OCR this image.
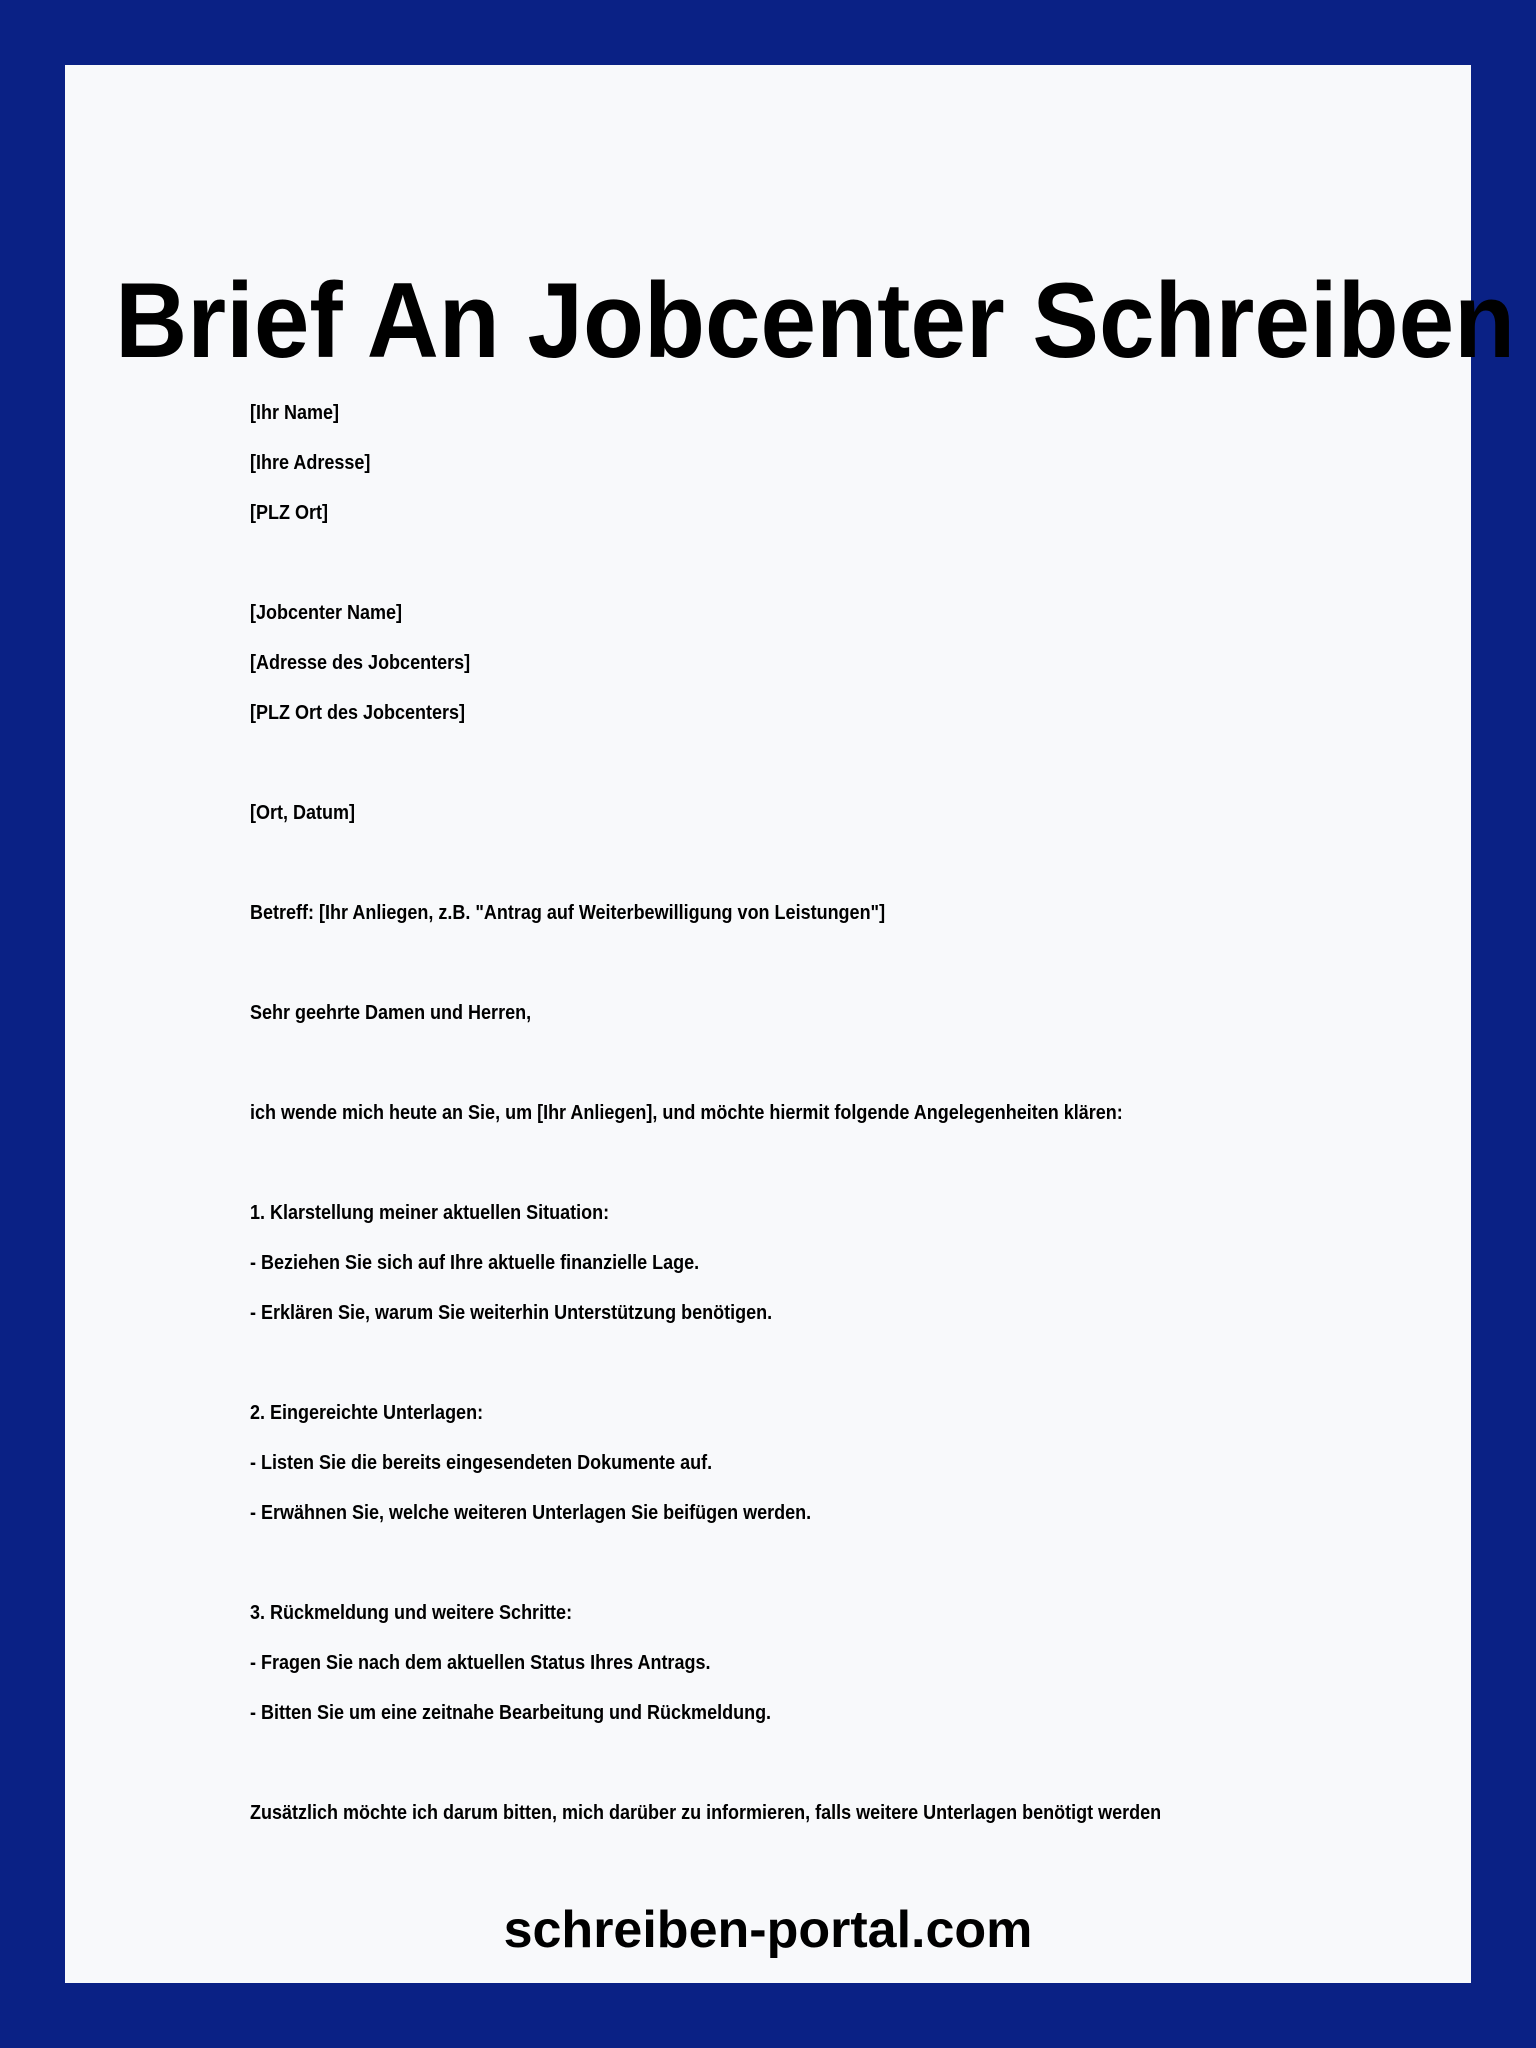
Brief An Jobcenter Schreiben
[Ihr Name]
[Ihre Adresse]
[PLZ Ort]
[Jobcenter Name]
[Adresse des Jobcenters]
[PLZ Ort des Jobcenters]
[Ort, Datum]
Betreff: [Ihr Anliegen, z.B. "Antrag auf Weiterbewilligung von Leistungen"]
Sehr geehrte Damen und Herren,
ich wende mich heute an Sie, um [Ihr Anliegen], und möchte hiermit folgende Angelegenheiten klären:
1. Klarstellung meiner aktuellen Situation:
- Beziehen Sie sich auf Ihre aktuelle finanzielle Lage.
- Erklären Sie, warum Sie weiterhin Unterstützung benötigen.
2. Eingereichte Unterlagen:
- Listen Sie die bereits eingesendeten Dokumente auf.
- Erwähnen Sie, welche weiteren Unterlagen Sie beifügen werden.
3. Rückmeldung und weitere Schritte:
- Fragen Sie nach dem aktuellen Status Ihres Antrags.
- Bitten Sie um eine zeitnahe Bearbeitung und Rückmeldung.
Zusätzlich möchte ich darum bitten, mich darüber zu informieren, falls weitere Unterlagen benötigt werden
schreiben-portal.com
